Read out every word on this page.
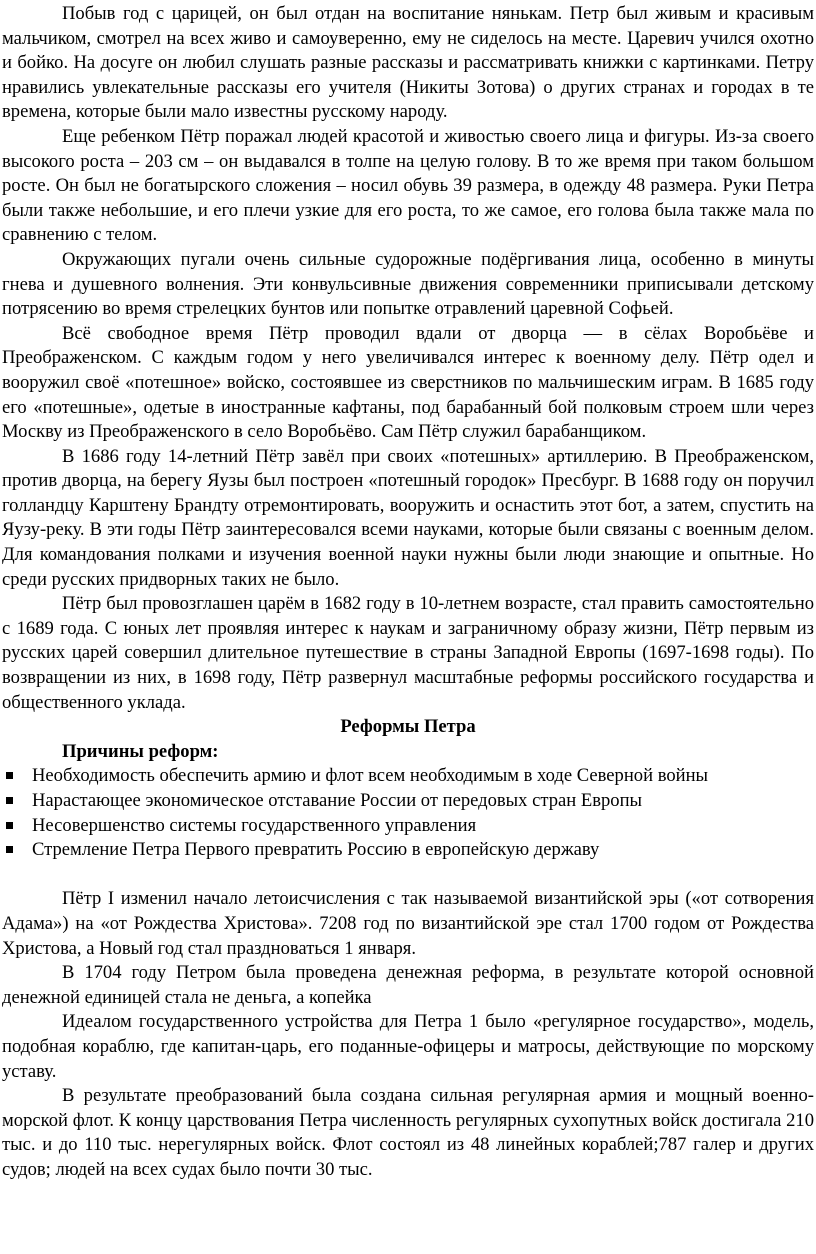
Побыв год с царицей, он был отдан на воспитание нянькам. Петр был живым и красивым мальчиком, смотрел на всех живо и самоуверенно, ему не сиделось на месте. Царевич учился охотно и бойко. На досуге он любил слушать разные рассказы и рассматривать книжки с картинками. Петру нравились увлекательные рассказы его учителя (Никиты Зотова) о других странах и городах в те времена, которые были мало известны русскому народу.

Еще ребенком Пётр поражал людей красотой и живостью своего лица и фигуры. Из-за своего высокого роста – 203 см – он выдавался в толпе на целую голову. В то же время при таком большом росте. Он был не богатырского сложения – носил обувь 39 размера, в одежду 48 размера. Руки Петра были также небольшие, и его плечи узкие для его роста, то же самое, его голова была также мала по сравнению с телом.

Окружающих пугали очень сильные судорожные подёргивания лица, особенно в минуты гнева и душевного волнения. Эти конвульсивные движения современники приписывали детскому потрясению во время стрелецких бунтов или попытке отравлений царевной Софьей.

Всё свободное время Пётр проводил вдали от дворца — в сёлах Воробьёве и Преображенском. С каждым годом у него увеличивался интерес к военному делу. Пётр одел и вооружил своё «потешное» войско, состоявшее из сверстников по мальчишеским играм. В 1685 году его «потешные», одетые в иностранные кафтаны, под барабанный бой полковым строем шли через Москву из Преображенского в село Воробьёво. Сам Пётр служил барабанщиком.

В 1686 году 14-летний Пётр завёл при своих «потешных» артиллерию. В Преображенском, против дворца, на берегу Яузы был построен «потешный городок» Пресбург. В 1688 году он поручил голландцу Карштену Брандту отремонтировать, вооружить и оснастить этот бот, а затем, спустить на Яузу-реку. В эти годы Пётр заинтересовался всеми науками, которые были связаны с военным делом. Для командования полками и изучения военной науки нужны были люди знающие и опытные. Но среди русских придворных таких не было.

Пётр был провозглашен царём в 1682 году в 10-летнем возрасте, стал править самостоятельно с 1689 года. С юных лет проявляя интерес к наукам и заграничному образу жизни, Пётр первым из русских царей совершил длительное путешествие в страны Западной Европы (1697-1698 годы). По возвращении из них, в 1698 году, Пётр развернул масштабные реформы российского государства и общественного уклада.

Реформы Петра
Причины реформ:
Необходимость обеспечить армию и флот всем необходимым в ходе Северной войны
Нарастающее экономическое отставание России от передовых стран Европы
Несовершенство системы государственного управления
Стремление Петра Первого превратить Россию в европейскую державу

Пётр I изменил начало летоисчисления с так называемой византийской эры («от сотворения Адама») на «от Рождества Христова». 7208 год по византийской эре стал 1700 годом от Рождества Христова, а Новый год стал праздноваться 1 января.

В 1704 году Петром была проведена денежная реформа, в результате которой основной денежной единицей стала не деньга, а копейка

Идеалом государственного устройства для Петра 1 было «регулярное государство», модель, подобная кораблю, где капитан-царь, его поданные-офицеры и матросы, действующие по морскому уставу.

В результате преобразований была создана сильная регулярная армия и мощный военно-морской флот. К концу царствования Петра численность регулярных сухопутных войск достигала 210 тыс. и до 110 тыс. нерегулярных войск. Флот состоял из 48 линейных кораблей;787 галер и других судов; людей на всех судах было почти 30 тыс.
